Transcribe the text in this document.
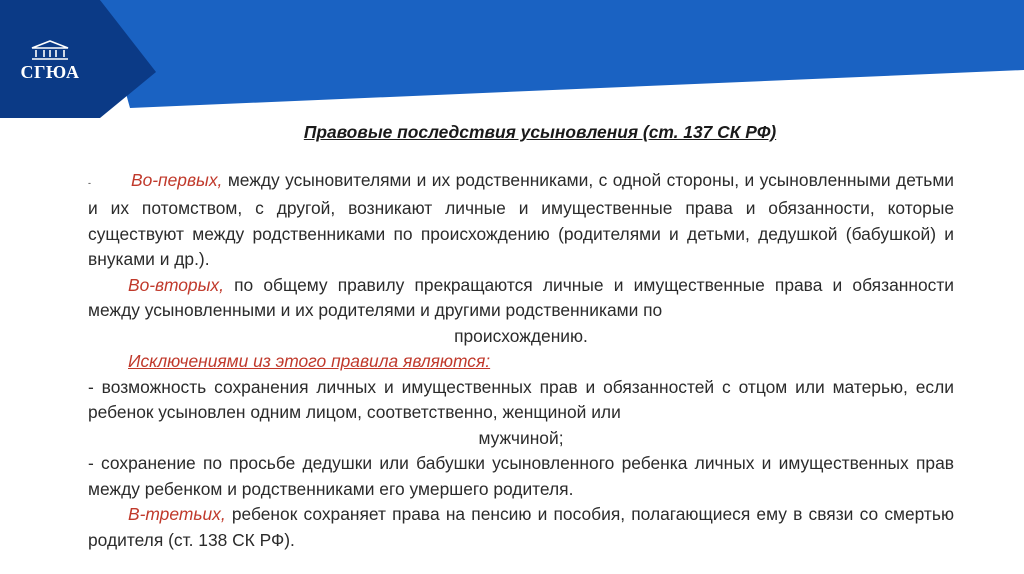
СГЮА
Правовые последствия усыновления (ст. 137 СК РФ)

- Во-первых, между усыновителями и их родственниками, с одной стороны, и усыновленными детьми и их потомством, с другой, возникают личные и имущественные права и обязанности, которые существуют между родственниками по происхождению (родителями и детьми, дедушкой (бабушкой) и внуками и др.).

Во-вторых, по общему правилу прекращаются личные и имущественные права и обязанности между усыновленными и их родителями и другими родственниками по

происхождению.

Исключениями из этого правила являются:

- возможность сохранения личных и имущественных прав и обязанностей с отцом или матерью, если ребенок усыновлен одним лицом, соответственно, женщиной или

мужчиной;

- сохранение по просьбе дедушки или бабушки усыновленного ребенка личных и имущественных прав между ребенком и родственниками его умершего родителя.

В-третьих, ребенок сохраняет права на пенсию и пособия, полагающиеся ему в связи со смертью родителя (ст. 138 СК РФ).
